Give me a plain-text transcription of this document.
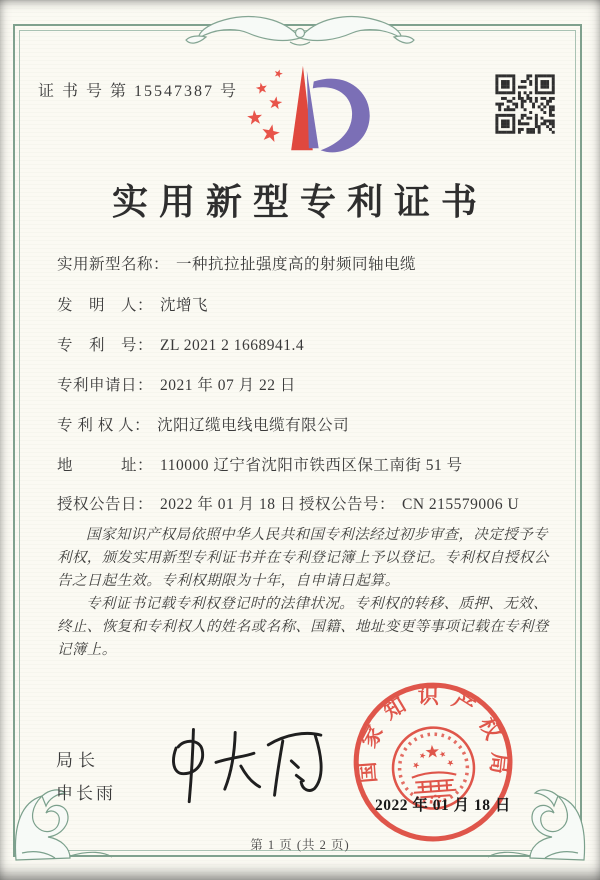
证 书 号 第 15547387 号
实用新型专利证书
实用新型名称： 一种抗拉扯强度高的射频同轴电缆
发　明　人： 沈增飞
专　利　号： ZL 2021 2 1668941.4
专利申请日： 2021 年 07 月 22 日
专 利 权 人： 沈阳辽缆电线电缆有限公司
地　　　址： 110000 辽宁省沈阳市铁西区保工南街 51 号
授权公告日： 2022 年 01 月 18 日 授权公告号： CN 215579006 U

国家知识产权局依照中华人民共和国专利法经过初步审查，决定授予专利权，颁发实用新型专利证书并在专利登记簿上予以登记。专利权自授权公告之日起生效。专利权期限为十年，自申请日起算。

专利证书记载专利权登记时的法律状况。专利权的转移、质押、无效、终止、恢复和专利权人的姓名或名称、国籍、地址变更等事项记载在专利登记簿上。

局长
申长雨
国家知识产权局
2022 年 01 月 18 日
第 1 页 (共 2 页)
